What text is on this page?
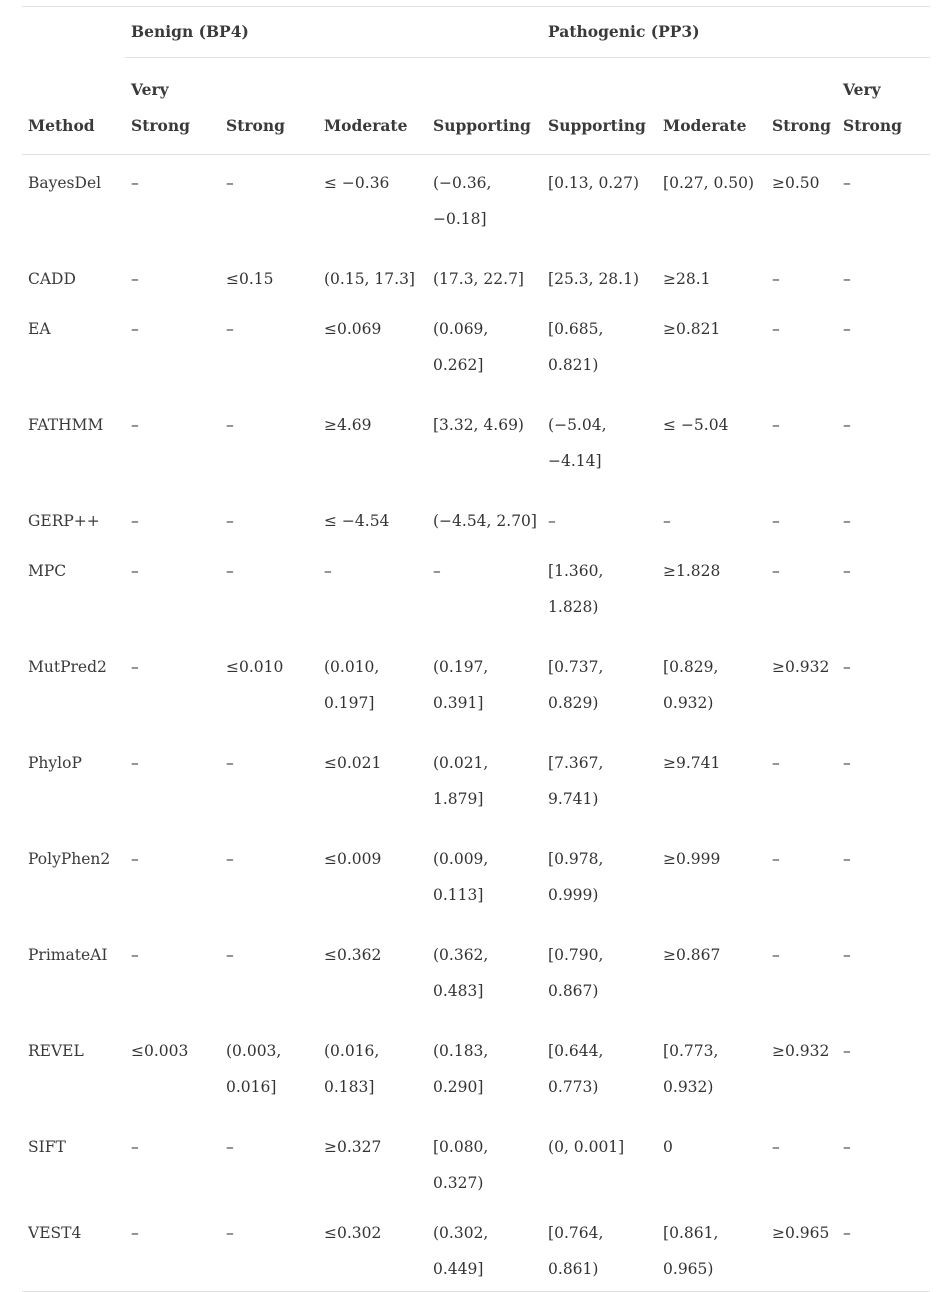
	Benign (BP4)				Pathogenic (PP3)			
Method	Very Strong	Strong	Moderate	Supporting	Supporting	Moderate	Strong	Very Strong
BayesDel	–	–	≤ −0.36	(−0.36, −0.18]	[0.13, 0.27)	[0.27, 0.50)	≥0.50	–
CADD	–	≤0.15	(0.15, 17.3]	(17.3, 22.7]	[25.3, 28.1)	≥28.1	–	–
EA	–	–	≤0.069	(0.069, 0.262]	[0.685, 0.821)	≥0.821	–	–
FATHMM	–	–	≥4.69	[3.32, 4.69)	(−5.04, −4.14]	≤ −5.04	–	–
GERP++	–	–	≤ −4.54	(−4.54, 2.70]	–	–	–	–
MPC	–	–	–	–	[1.360, 1.828)	≥1.828	–	–
MutPred2	–	≤0.010	(0.010, 0.197]	(0.197, 0.391]	[0.737, 0.829)	[0.829, 0.932)	≥0.932	–
PhyloP	–	–	≤0.021	(0.021, 1.879]	[7.367, 9.741)	≥9.741	–	–
PolyPhen2	–	–	≤0.009	(0.009, 0.113]	[0.978, 0.999)	≥0.999	–	–
PrimateAI	–	–	≤0.362	(0.362, 0.483]	[0.790, 0.867)	≥0.867	–	–
REVEL	≤0.003	(0.003, 0.016]	(0.016, 0.183]	(0.183, 0.290]	[0.644, 0.773)	[0.773, 0.932)	≥0.932	–
SIFT	–	–	≥0.327	[0.080, 0.327)	(0, 0.001]	0	–	–
VEST4	–	–	≤0.302	(0.302, 0.449]	[0.764, 0.861)	[0.861, 0.965)	≥0.965	–
